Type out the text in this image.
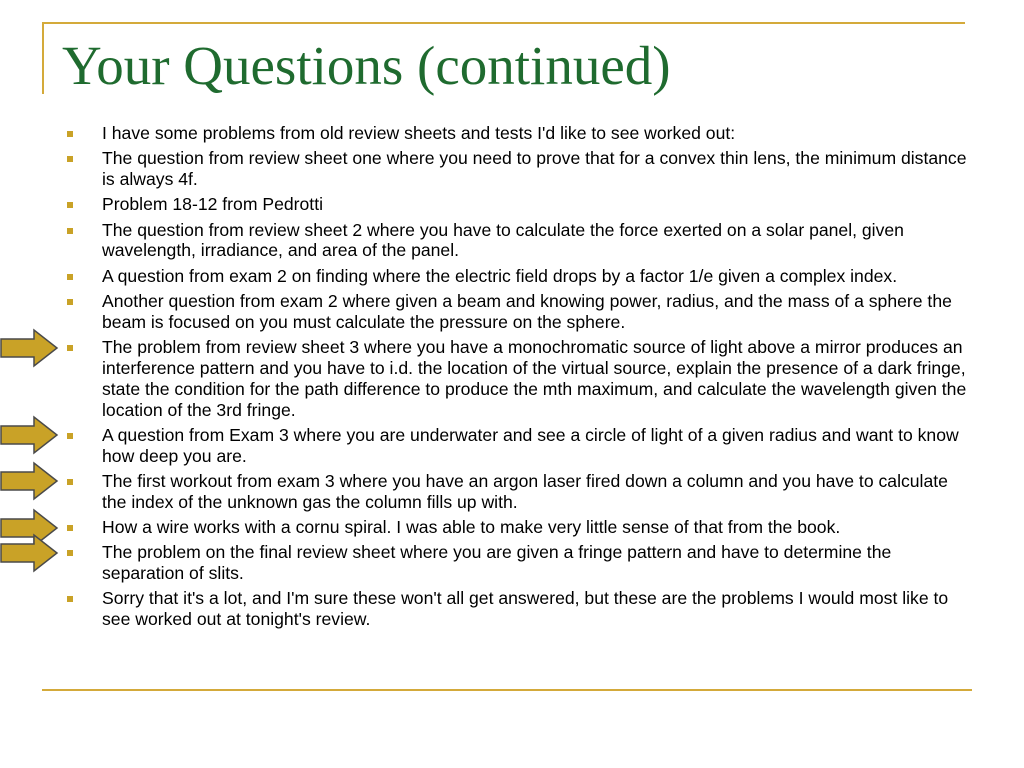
Your Questions (continued)
I have some problems from old review sheets and tests I'd like to see worked out:
The question from review sheet one where you need to prove that for a convex thin lens, the minimum distance is always 4f.
Problem 18-12 from Pedrotti
The question from review sheet 2 where you have to calculate the force exerted on a solar panel, given wavelength, irradiance, and area of the panel.
A question from exam 2 on finding where the electric field drops by a factor 1/e given a complex index.
Another question from exam 2 where given a beam and knowing power, radius, and the mass of a sphere the beam is focused on you must calculate the pressure on the sphere.
The problem from review sheet 3 where you have a monochromatic source of light above a mirror produces an interference pattern and you have to i.d. the location of the virtual source, explain the presence of a dark fringe, state the condition for the path difference to produce the mth maximum, and calculate the wavelength given the location of the 3rd fringe.
A question from Exam 3 where you are underwater and see a circle of light of a given radius and want to know how deep you are.
The first workout from exam 3 where you have an argon laser fired down a column and you have to calculate the index of the unknown gas the column fills up with.
How a wire works with a cornu spiral. I was able to make very little sense of that from the book.
The problem on the final review sheet where you are given a fringe pattern and have to determine the separation of slits.
Sorry that it's a lot, and I'm sure these won't all get answered, but these are the problems I would most like to see worked out at tonight's review.
